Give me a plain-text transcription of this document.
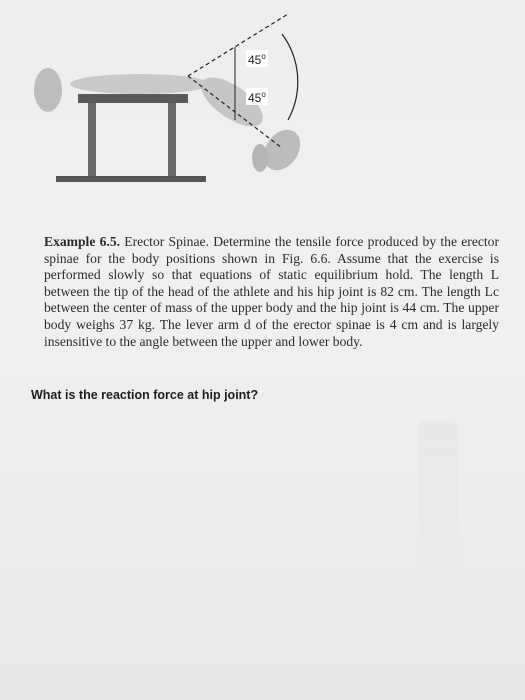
45$^o$
45$^o$
Example 6.5. Erector Spinae. Determine the tensile force produced by the erector spinae for the body positions shown in Fig. 6.6. Assume that the exercise is performed slowly so that equations of static equilibrium hold. The length L between the tip of the head of the athlete and his hip joint is 82 cm. The length Lc between the center of mass of the upper body and the hip joint is 44 cm. The upper body weighs 37 kg. The lever arm d of the erector spinae is 4 cm and is largely insensitive to the angle between the upper and lower body.
What is the reaction force at hip joint?
